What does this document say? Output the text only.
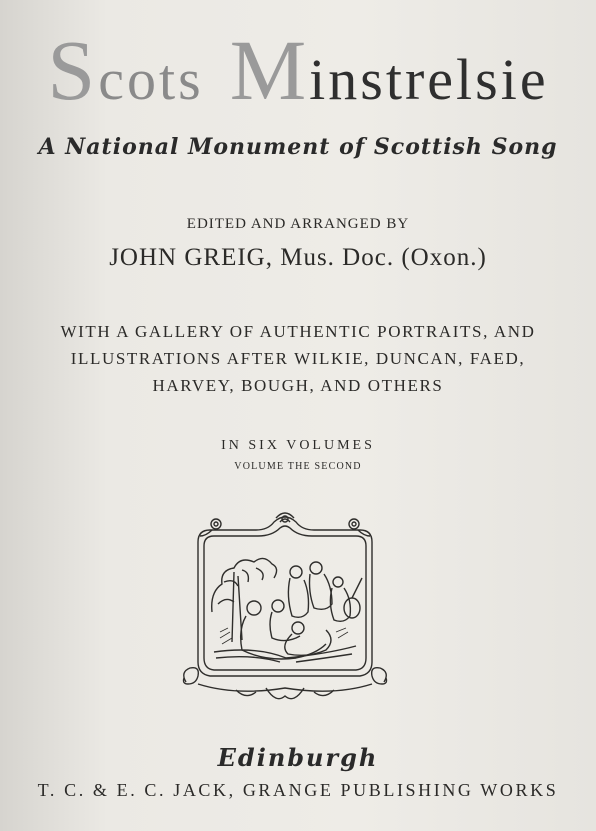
Scots Minstrelsie
A National Monument of Scottish Song
EDITED AND ARRANGED BY
JOHN GREIG, Mus. Doc. (Oxon.)
WITH A GALLERY OF AUTHENTIC PORTRAITS, AND
ILLUSTRATIONS AFTER WILKIE, DUNCAN, FAED,
HARVEY, BOUGH, AND OTHERS
IN SIX VOLUMES
VOLUME THE SECOND
Edinburgh
T. C. & E. C. JACK, GRANGE PUBLISHING WORKS
